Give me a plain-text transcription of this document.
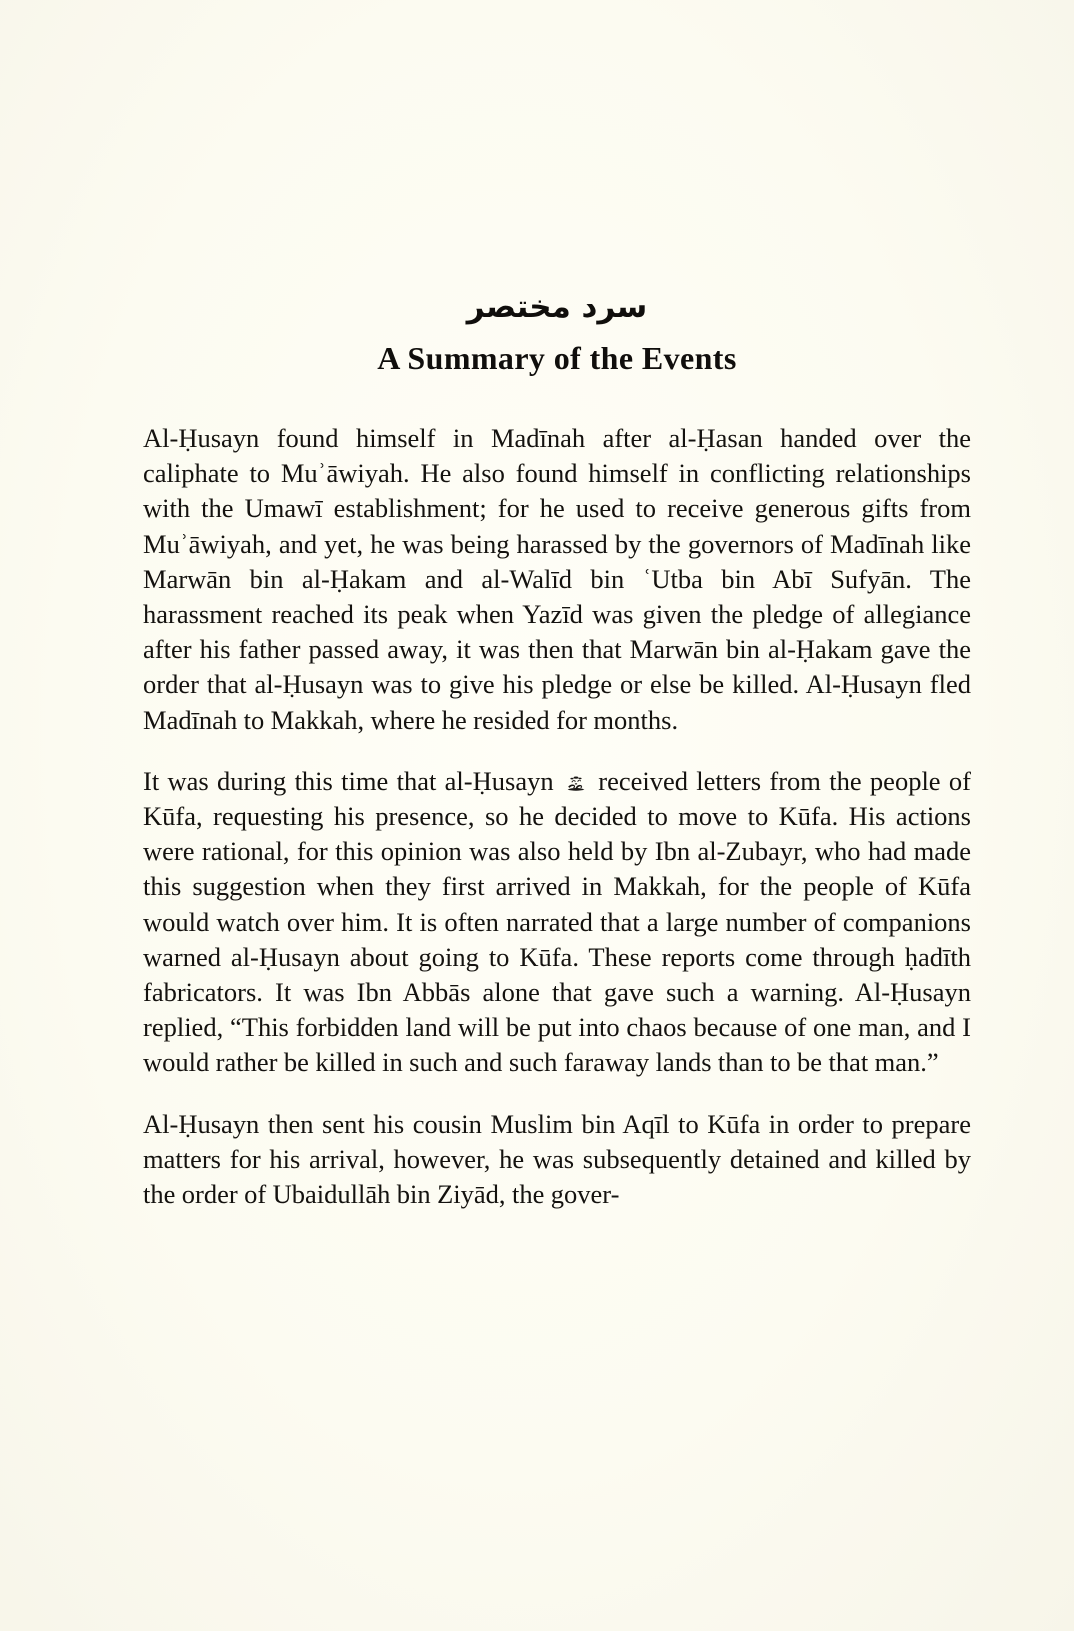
سرد مختصر
A Summary of the Events

Al-Ḥusayn found himself in Madīnah after al-Ḥasan handed over the caliphate to Muʾāwiyah. He also found himself in conflicting relationships with the Umawī establishment; for he used to receive generous gifts from Muʾāwiyah, and yet, he was being harassed by the governors of Madīnah like Marwān bin al-Ḥakam and al-Walīd bin ʿUtba bin Abī Sufyān. The harassment reached its peak when Yazīd was given the pledge of allegiance after his father passed away, it was then that Marwān bin al-Ḥakam gave the order that al-Ḥusayn was to give his pledge or else be killed. Al-Ḥusayn fled Madīnah to Makkah, where he resided for months.

It was during this time that al-Ḥusayn received letters from the people of Kūfa, requesting his presence, so he decided to move to Kūfa. His actions were rational, for this opinion was also held by Ibn al-Zubayr, who had made this suggestion when they first arrived in Makkah, for the people of Kūfa would watch over him. It is often narrated that a large number of companions warned al-Ḥusayn about going to Kūfa. These reports come through ḥadīth fabricators. It was Ibn Abbās alone that gave such a warning. Al-Ḥusayn replied, “This forbidden land will be put into chaos because of one man, and I would rather be killed in such and such faraway lands than to be that man.”

Al-Ḥusayn then sent his cousin Muslim bin Aqīl to Kūfa in order to prepare matters for his arrival, however, he was subsequently detained and killed by the order of Ubaidullāh bin Ziyād, the gover-
